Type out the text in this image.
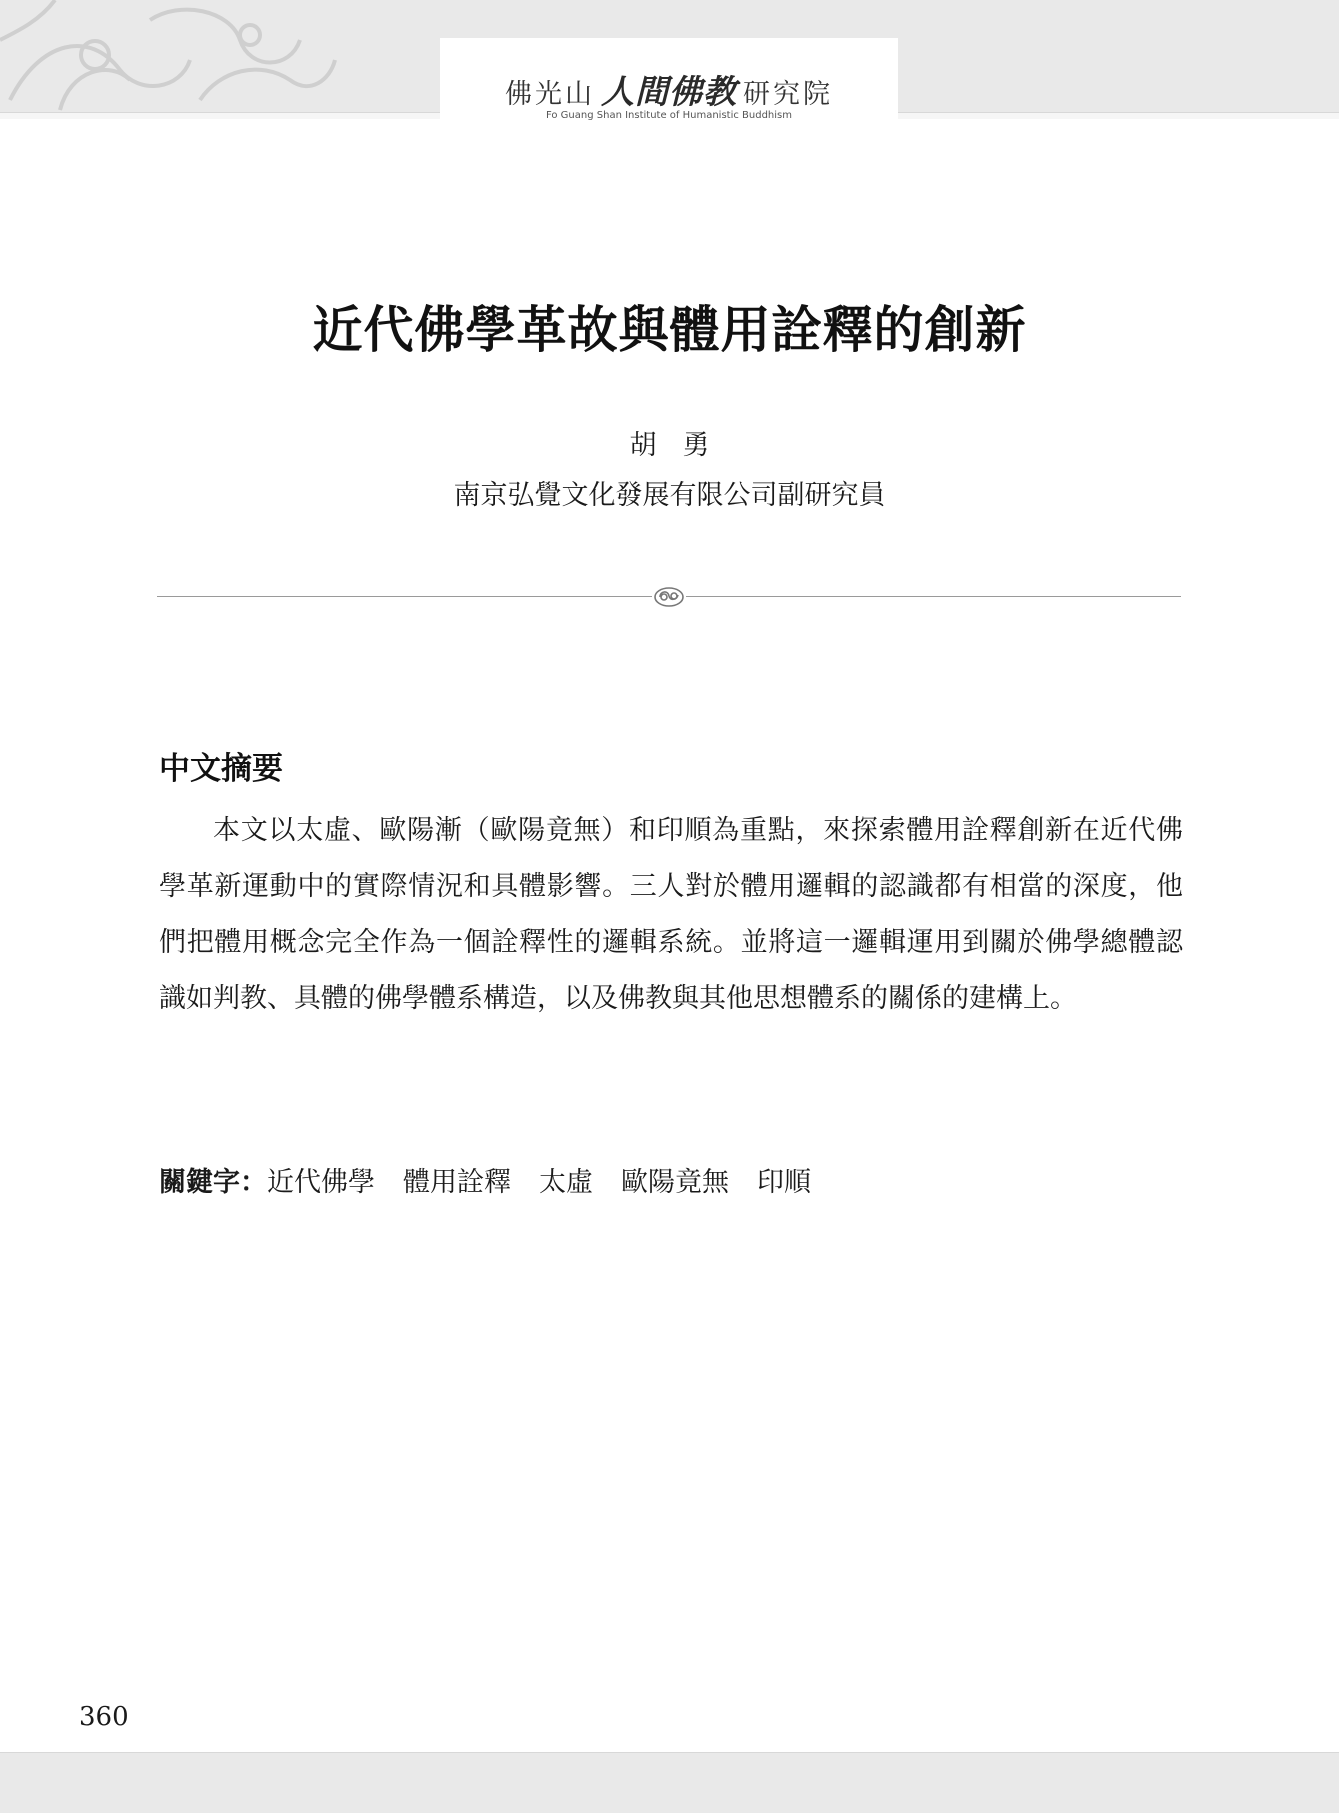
佛光山 人間佛教 研究院
Fo Guang Shan Institute of Humanistic Buddhism
近代佛學革故與體用詮釋的創新
胡勇
南京弘覺文化發展有限公司副研究員
中文摘要
本文以太虛、歐陽漸（歐陽竟無）和印順為重點，來探索體用詮釋創新在近代佛學革新運動中的實際情況和具體影響。三人對於體用邏輯的認識都有相當的深度，他們把體用概念完全作為一個詮釋性的邏輯系統。並將這一邏輯運用到關於佛學總體認識如判教、具體的佛學體系構造，以及佛教與其他思想體系的關係的建構上。
關鍵字：近代佛學 體用詮釋 太虛 歐陽竟無 印順
360
